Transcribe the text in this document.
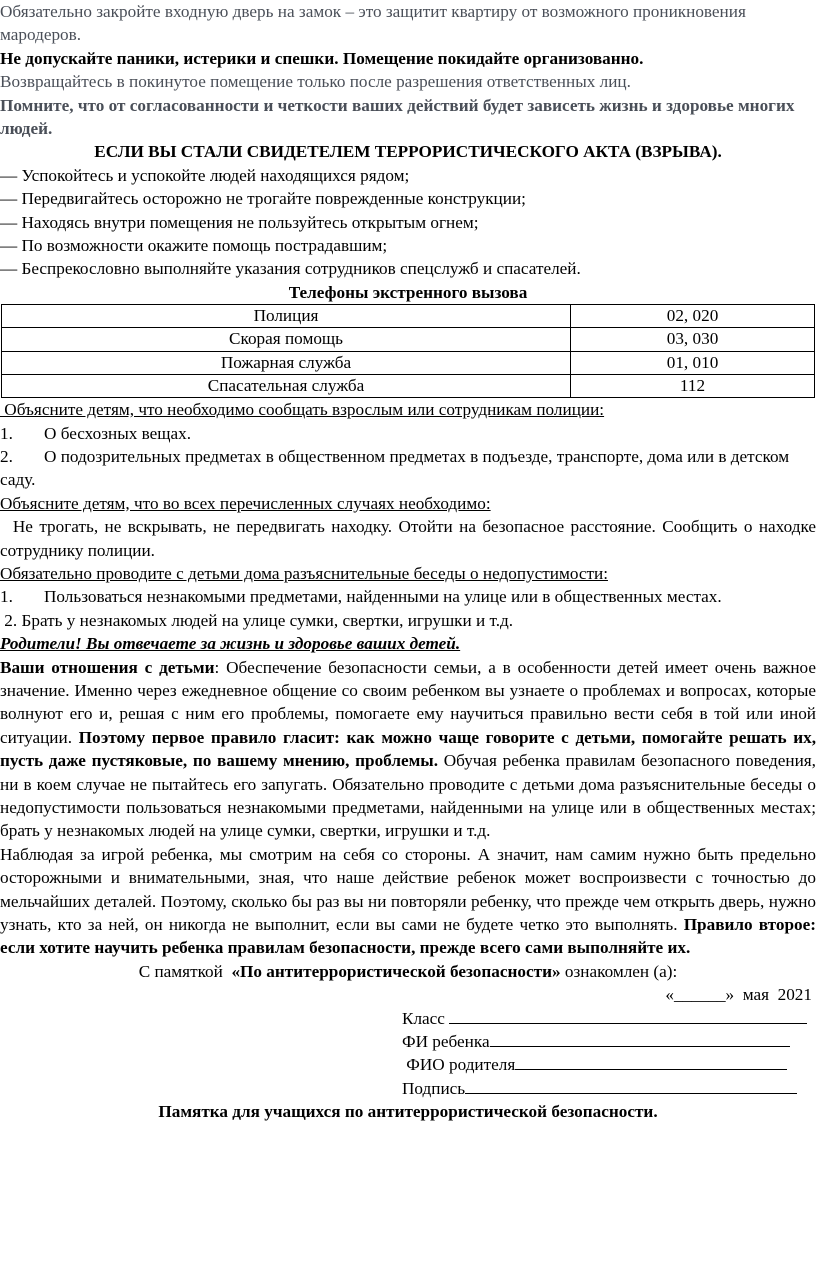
Обязательно закройте входную дверь на замок – это защитит квартиру от возможного проникновения мародеров.

Не допускайте паники, истерики и спешки. Помещение покидайте организованно.

Возвращайтесь в покинутое помещение только после разрешения ответственных лиц.

Помните, что от согласованности и четкости ваших действий будет зависеть жизнь и здоровье многих людей.

ЕСЛИ ВЫ СТАЛИ СВИДЕТЕЛЕМ ТЕРРОРИСТИЧЕСКОГО АКТА (ВЗРЫВА).

— Успокойтесь и успокойте людей находящихся рядом;

— Передвигайтесь осторожно не трогайте поврежденные конструкции;

— Находясь внутри помещения не пользуйтесь открытым огнем;

— По возможности окажите помощь пострадавшим;

— Беспрекословно выполняйте указания сотрудников спецслужб и спасателей.

Телефоны экстренного вызова

Полиция	02, 020
Скорая помощь	03, 030
Пожарная служба	01, 010
Спасательная служба	112

Объясните детям, что необходимо сообщать взрослым или сотрудникам полиции:

1. О бесхозных вещах.

2. О подозрительных предметах в общественном предметах в подъезде, транспорте, дома или в детском саду.

Объясните детям, что во всех перечисленных случаях необходимо:

Не трогать, не вскрывать, не передвигать находку. Отойти на безопасное расстояние. Сообщить о находке сотруднику полиции.

Обязательно проводите с детьми дома разъяснительные беседы о недопустимости:

1. Пользоваться незнакомыми предметами, найденными на улице или в общественных местах.

2. Брать у незнакомых людей на улице сумки, свертки, игрушки и т.д.

Родители! Вы отвечаете за жизнь и здоровье ваших детей.

Ваши отношения с детьми: Обеспечение безопасности семьи, а в особенности детей имеет очень важное значение. Именно через ежедневное общение со своим ребенком вы узнаете о проблемах и вопросах, которые волнуют его и, решая с ним его проблемы, помогаете ему научиться правильно вести себя в той или иной ситуации. Поэтому первое правило гласит: как можно чаще говорите с детьми, помогайте решать их, пусть даже пустяковые, по вашему мнению, проблемы. Обучая ребенка правилам безопасного поведения, ни в коем случае не пытайтесь его запугать. Обязательно проводите с детьми дома разъяснительные беседы о недопустимости пользоваться незнакомыми предметами, найденными на улице или в общественных местах; брать у незнакомых людей на улице сумки, свертки, игрушки и т.д.

Наблюдая за игрой ребенка, мы смотрим на себя со стороны. А значит, нам самим нужно быть предельно осторожными и внимательными, зная, что наше действие ребенок может воспроизвести с точностью до мельчайших деталей. Поэтому, сколько бы раз вы ни повторяли ребенку, что прежде чем открыть дверь, нужно узнать, кто за ней, он никогда не выполнит, если вы сами не будете четко это выполнять. Правило второе: если хотите научить ребенка правилам безопасности, прежде всего сами выполняйте их.

С памяткой  «По антитеррористической безопасности» ознакомлен (а):

«______»  мая  2021

Класс

ФИ ребенка

ФИО родителя

Подпись

Памятка для учащихся по антитеррористической безопасности.
